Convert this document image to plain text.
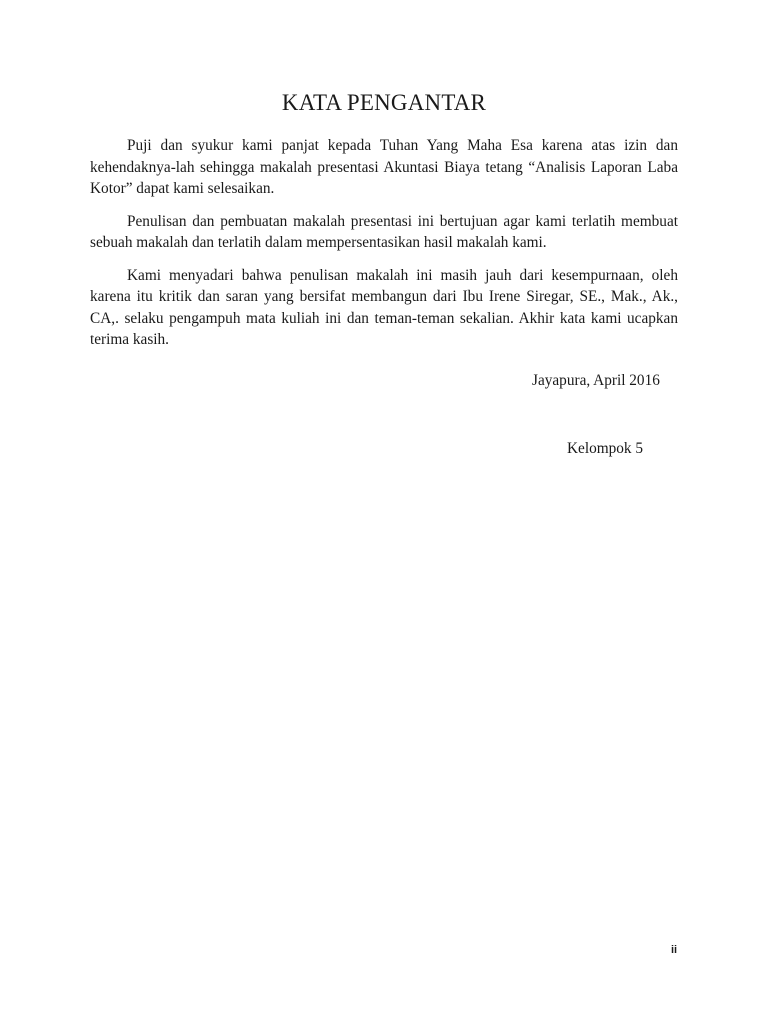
KATA PENGANTAR

Puji dan syukur kami panjat kepada Tuhan Yang Maha Esa karena atas izin dan kehendaknya-lah sehingga makalah presentasi Akuntasi Biaya tetang “Analisis Laporan Laba Kotor” dapat kami selesaikan.

Penulisan dan pembuatan makalah presentasi ini bertujuan agar kami terlatih membuat sebuah makalah dan terlatih dalam mempersentasikan hasil makalah kami.

Kami menyadari bahwa penulisan makalah ini masih jauh dari kesempurnaan, oleh karena itu kritik dan saran yang bersifat membangun dari Ibu Irene Siregar, SE., Mak., Ak., CA,. selaku pengampuh mata kuliah ini dan teman-teman sekalian. Akhir kata kami ucapkan terima kasih.

Jayapura, April 2016

Kelompok 5

ii
